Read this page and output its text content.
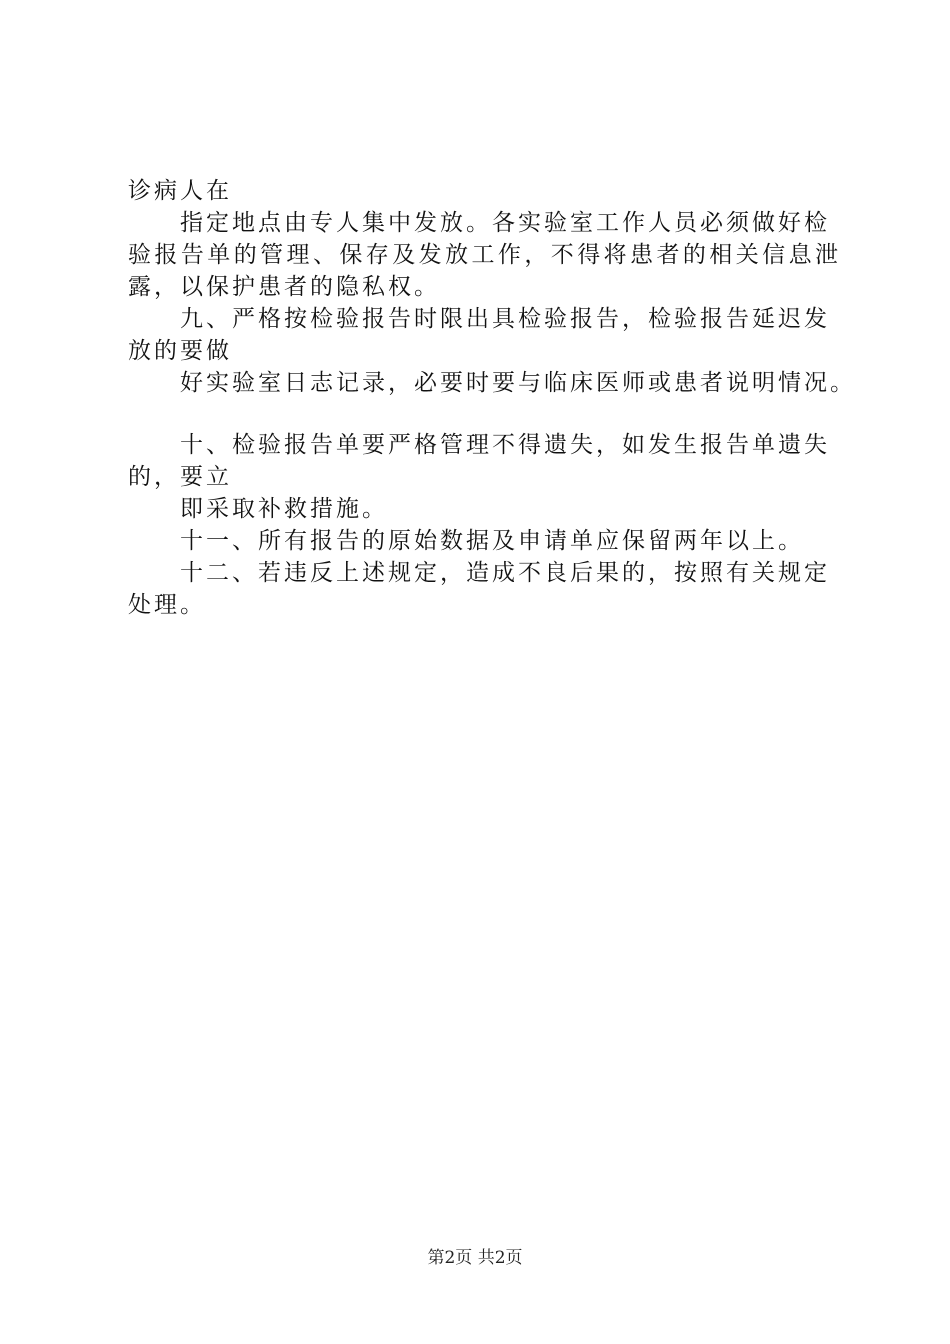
诊病人在
指定地点由专人集中发放。各实验室工作人员必须做好检
验报告单的管理、保存及发放工作，不得将患者的相关信息泄
露，以保护患者的隐私权。
九、严格按检验报告时限出具检验报告，检验报告延迟发
放的要做
好实验室日志记录，必要时要与临床医师或患者说明情况。
十、检验报告单要严格管理不得遗失，如发生报告单遗失
的，要立
即采取补救措施。
十一、所有报告的原始数据及申请单应保留两年以上。
十二、若违反上述规定，造成不良后果的，按照有关规定
处理。
第2页 共2页
